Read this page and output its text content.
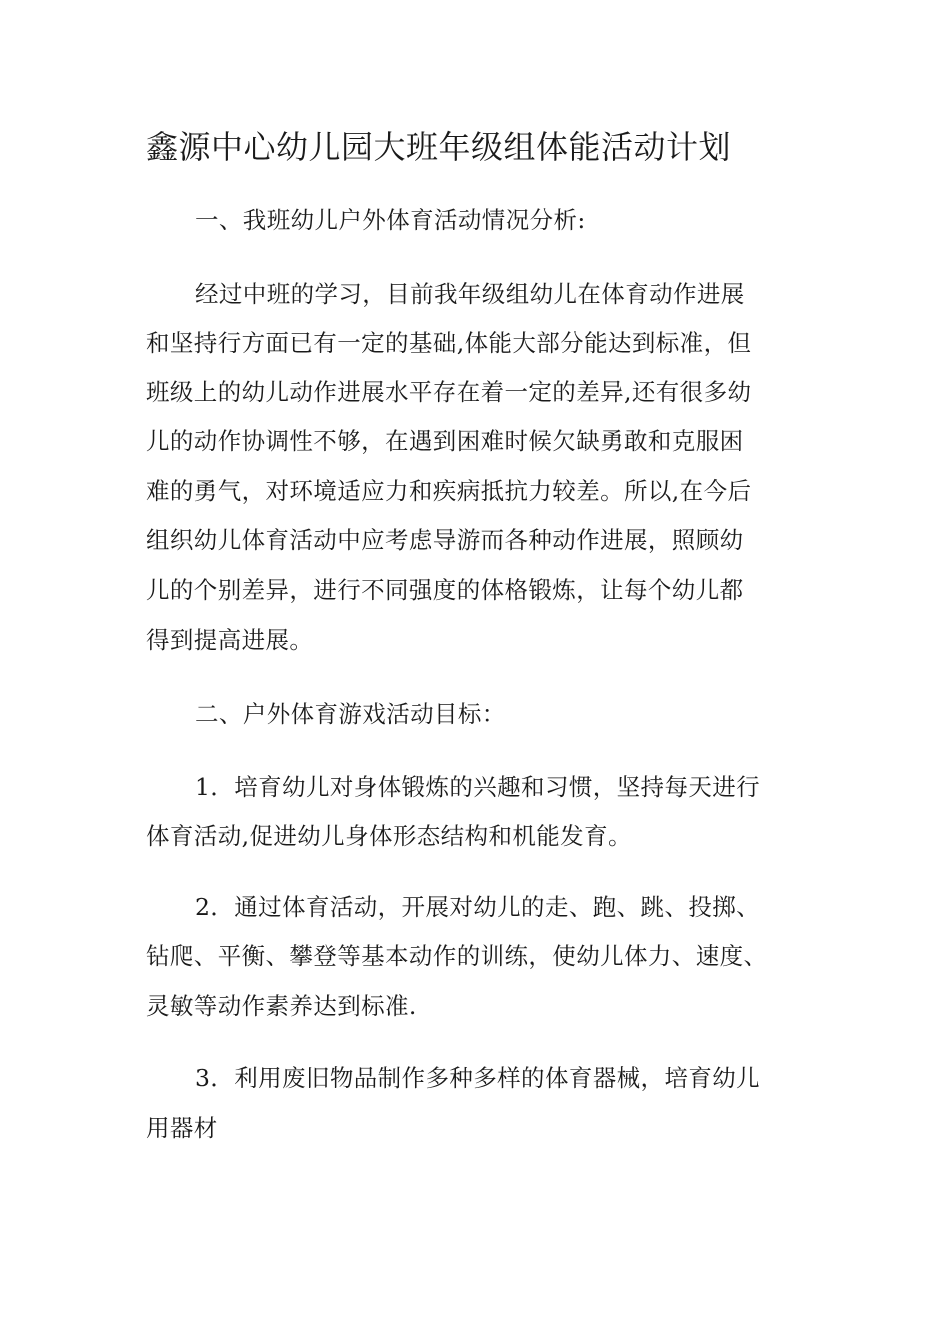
鑫源中心幼儿园大班年级组体能活动计划

一、我班幼儿户外体育活动情况分析:

经过中班的学习，目前我年级组幼儿在体育动作进展

和坚持行方面已有一定的基础,体能大部分能达到标准，但

班级上的幼儿动作进展水平存在着一定的差异,还有很多幼

儿的动作协调性不够，在遇到困难时候欠缺勇敢和克服困

难的勇气，对环境适应力和疾病抵抗力较差。所以,在今后

组织幼儿体育活动中应考虑导游而各种动作进展，照顾幼

儿的个别差异，进行不同强度的体格锻炼，让每个幼儿都

得到提高进展。

二、户外体育游戏活动目标：

1．培育幼儿对身体锻炼的兴趣和习惯，坚持每天进行

体育活动,促进幼儿身体形态结构和机能发育。

2．通过体育活动，开展对幼儿的走、跑、跳、投掷、

钻爬、平衡、攀登等基本动作的训练，使幼儿体力、速度、

灵敏等动作素养达到标准.

3．利用废旧物品制作多种多样的体育器械，培育幼儿

用器材
